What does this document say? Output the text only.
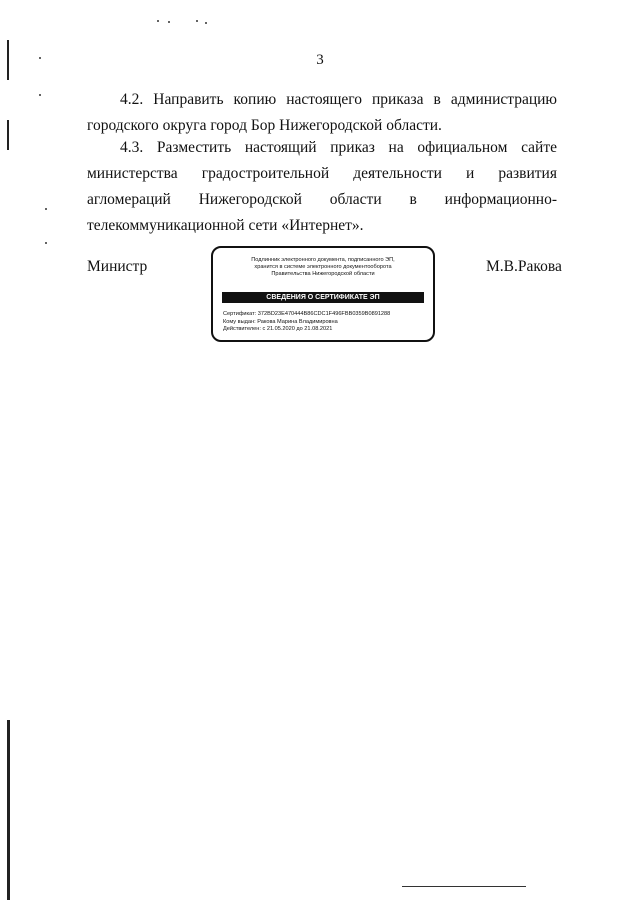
3

4.2. Направить копию настоящего приказа в администрацию городского округа город Бор Нижегородской области.

4.3. Разместить настоящий приказ на официальном сайте министерства градостроительной деятельности и развития агломераций Нижегородской области в информационно-телекоммуникационной сети «Интернет».

Министр	М.В.Ракова
Подлинник электронного документа, подписанного ЭП,
хранится в системе электронного документооборота
Правительства Нижегородской области
СВЕДЕНИЯ О СЕРТИФИКАТЕ ЭП
Сертификат: 372BD23E470444B86CDC1F496FBB0359B0891288
Кому выдан: Ракова Марина Владимировна
Действителен: с 21.05.2020 до 21.08.2021
